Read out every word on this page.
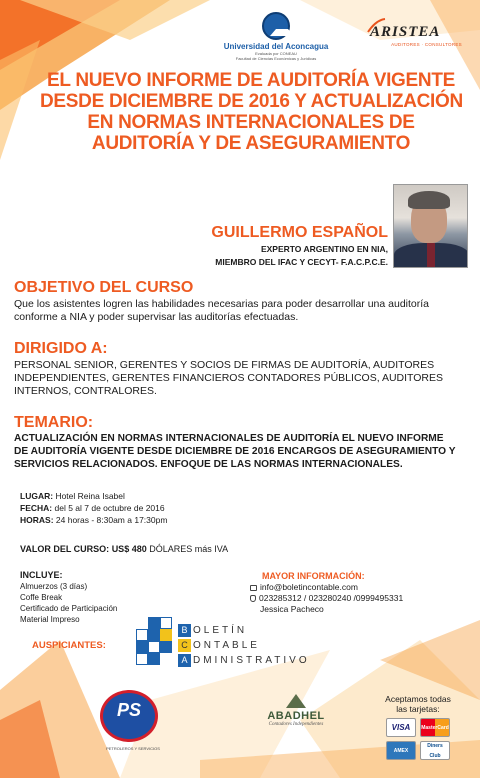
Universidad del Aconcagua
Evaluada por CONEAU
Facultad de Ciencias Económicas y Jurídicas
ARISTEA
AUDITORES · CONSULTORES
EL NUEVO INFORME DE AUDITORÍA VIGENTE
DESDE DICIEMBRE DE 2016 Y ACTUALIZACIÓN
EN NORMAS INTERNACIONALES DE
AUDITORÍA Y DE ASEGURAMIENTO
GUILLERMO ESPAÑOL
EXPERTO ARGENTINO EN NIA,
MIEMBRO DEL IFAC Y CECYT- F.A.C.P.C.E.
OBJETIVO DEL CURSO
Que los asistentes logren las habilidades necesarias para poder desarrollar una auditoría
conforme a NIA y poder supervisar las auditorías efectuadas.
DIRIGIDO A:
PERSONAL SENIOR, GERENTES Y SOCIOS DE FIRMAS DE AUDITORÍA, AUDITORES
INDEPENDIENTES, GERENTES FINANCIEROS CONTADORES PÚBLICOS, AUDITORES
INTERNOS, CONTRALORES.
TEMARIO:
ACTUALIZACIÓN EN NORMAS INTERNACIONALES DE AUDITORÍA EL NUEVO INFORME
DE AUDITORÍA VIGENTE DESDE DICIEMBRE DE 2016 ENCARGOS DE ASEGURAMIENTO Y
SERVICIOS RELACIONADOS. ENFOQUE DE LAS NORMAS INTERNACIONALES.
LUGAR: Hotel Reina Isabel
FECHA: del 5 al 7 de octubre de 2016
HORAS: 24 horas - 8:30am a 17:30pm
VALOR DEL CURSO: US$ 480 DÓLARES más IVA
INCLUYE:
Almuerzos (3 días)
Coffe Break
Certificado de Participación
Material Impreso
MAYOR INFORMACIÓN:
info@boletincontable.com
023285312 / 023280240 /0999495331
Jessica Pacheco
AUSPICIANTES:
B OLETÍN
C ONTABLE
A DMINISTRATIVO
PS
PETROLEROS Y SERVICIOS
ABADHEL
Contadores Independientes
Aceptamos todas
las tarjetas:
VISA	MasterCard
AMEX
Diners Club
